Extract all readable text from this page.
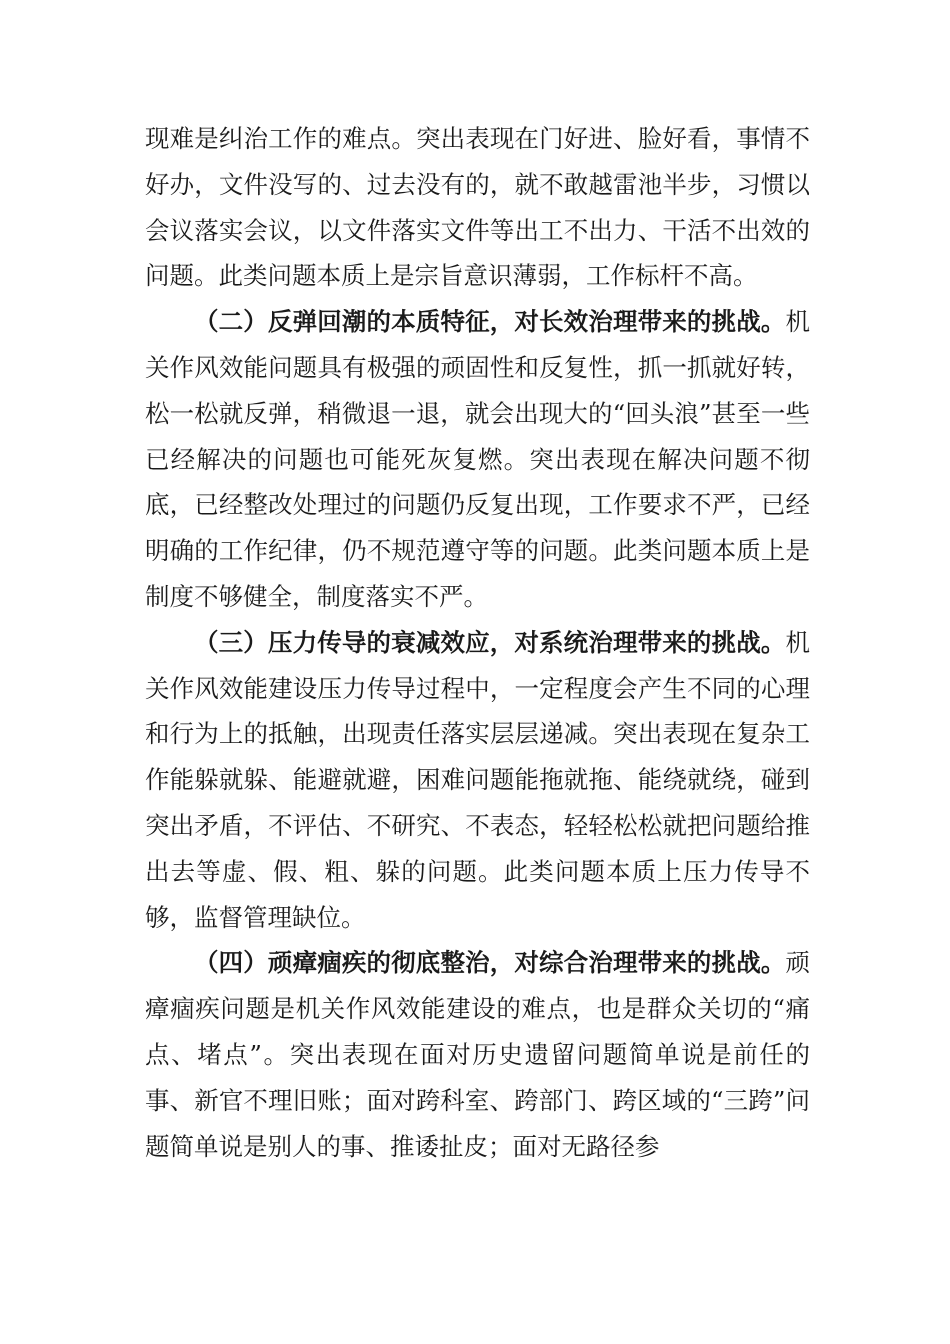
现难是纠治工作的难点。突出表现在门好进、脸好看，事情不好办，文件没写的、过去没有的，就不敢越雷池半步，习惯以会议落实会议，以文件落实文件等出工不出力、干活不出效的问题。此类问题本质上是宗旨意识薄弱，工作标杆不高。

（二）反弹回潮的本质特征，对长效治理带来的挑战。机关作风效能问题具有极强的顽固性和反复性，抓一抓就好转，松一松就反弹，稍微退一退，就会出现大的“回头浪”甚至一些已经解决的问题也可能死灰复燃。突出表现在解决问题不彻底，已经整改处理过的问题仍反复出现，工作要求不严，已经明确的工作纪律，仍不规范遵守等的问题。此类问题本质上是制度不够健全，制度落实不严。

（三）压力传导的衰减效应，对系统治理带来的挑战。机关作风效能建设压力传导过程中，一定程度会产生不同的心理和行为上的抵触，出现责任落实层层递减。突出表现在复杂工作能躲就躲、能避就避，困难问题能拖就拖、能绕就绕，碰到突出矛盾，不评估、不研究、不表态，轻轻松松就把问题给推出去等虚、假、粗、躲的问题。此类问题本质上压力传导不够，监督管理缺位。

（四）顽瘴痼疾的彻底整治，对综合治理带来的挑战。顽瘴痼疾问题是机关作风效能建设的难点，也是群众关切的“痛点、堵点”。突出表现在面对历史遗留问题简单说是前任的事、新官不理旧账；面对跨科室、跨部门、跨区域的“三跨”问题简单说是别人的事、推诿扯皮；面对无路径参
